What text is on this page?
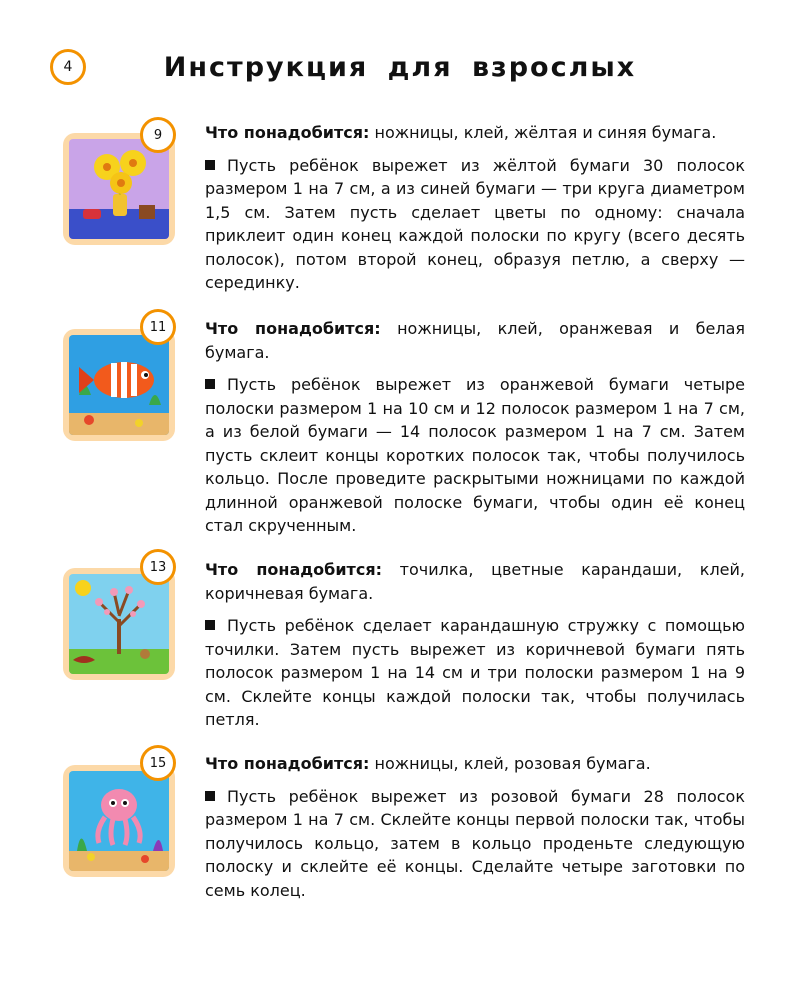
4	Инструкция для взрослых
9	Что понадобится: ножницы, клей, жёлтая и синяя бумага.

Пусть ребёнок вырежет из жёлтой бумаги 30 полосок размером 1 на 7 см, а из синей бумаги — три круга диаметром 1,5 см. Затем пусть сделает цветы по одному: сначала приклеит один конец каждой полоски по кругу (всего десять полосок), потом второй конец, образуя петлю, а сверху — серединку.

11	Что понадобится: ножницы, клей, оранжевая и белая бумага.

Пусть ребёнок вырежет из оранжевой бумаги четыре полоски размером 1 на 10 см и 12 полосок размером 1 на 7 см, а из белой бумаги — 14 полосок размером 1 на 7 см. Затем пусть склеит концы коротких полосок так, чтобы получилось кольцо. После проведите раскрытыми ножницами по каждой длинной оранжевой полоске бумаги, чтобы один её конец стал скрученным.

13	Что понадобится: точилка, цветные карандаши, клей, коричневая бумага.

Пусть ребёнок сделает карандашную стружку с помощью точилки. Затем пусть вырежет из коричневой бумаги пять полосок размером 1 на 14 см и три полоски размером 1 на 9 см. Склейте концы каждой полоски так, чтобы получилась петля.

15	Что понадобится: ножницы, клей, розовая бумага.

Пусть ребёнок вырежет из розовой бумаги 28 полосок размером 1 на 7 см. Склейте концы первой полоски так, чтобы получилось кольцо, затем в кольцо проденьте следующую полоску и склейте её концы. Сделайте четыре заготовки по семь колец.
